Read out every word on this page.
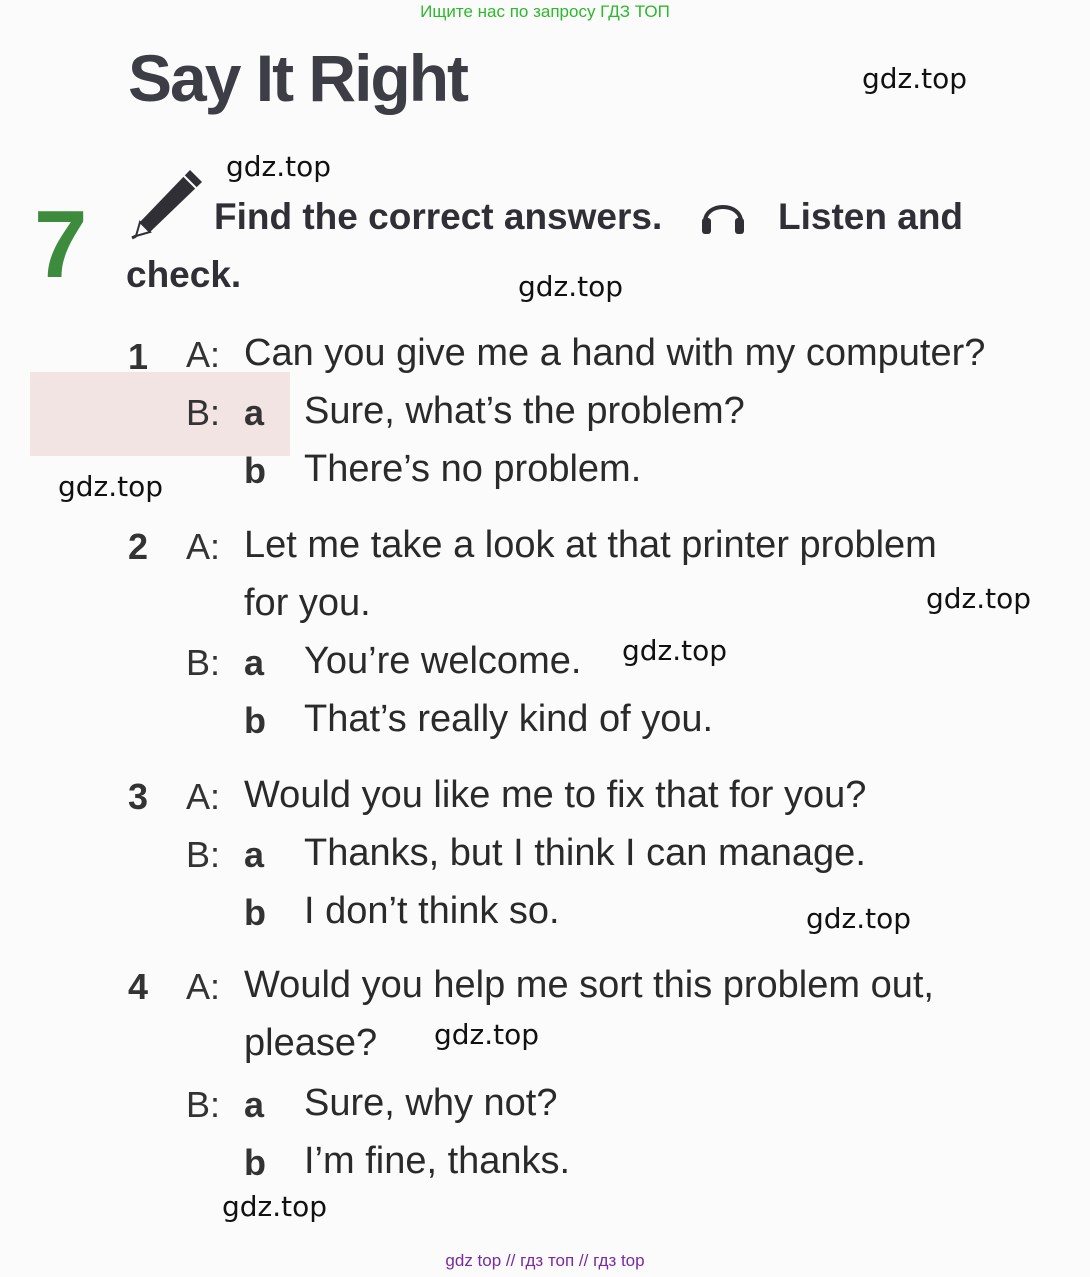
Ищите нас по запросу ГДЗ ТОП
Say It Right
7	Find the correct answers.	Listen and
check.
1 A: Can you give me a hand with my computer?
B: a Sure, what’s the problem?
b There’s no problem.
2 A: Let me take a look at that printer problem
for you.
B: a You’re welcome.
b That’s really kind of you.
3 A: Would you like me to fix that for you?
B: a Thanks, but I think I can manage.
b I don’t think so.
4 A: Would you help me sort this problem out,
please?
B: a Sure, why not?
b I’m fine, thanks.
gdz.top
gdz.top
gdz.top
gdz.top
gdz.top
gdz.top
gdz.top
gdz.top
gdz.top
gdz top // гдз топ // гдз top
